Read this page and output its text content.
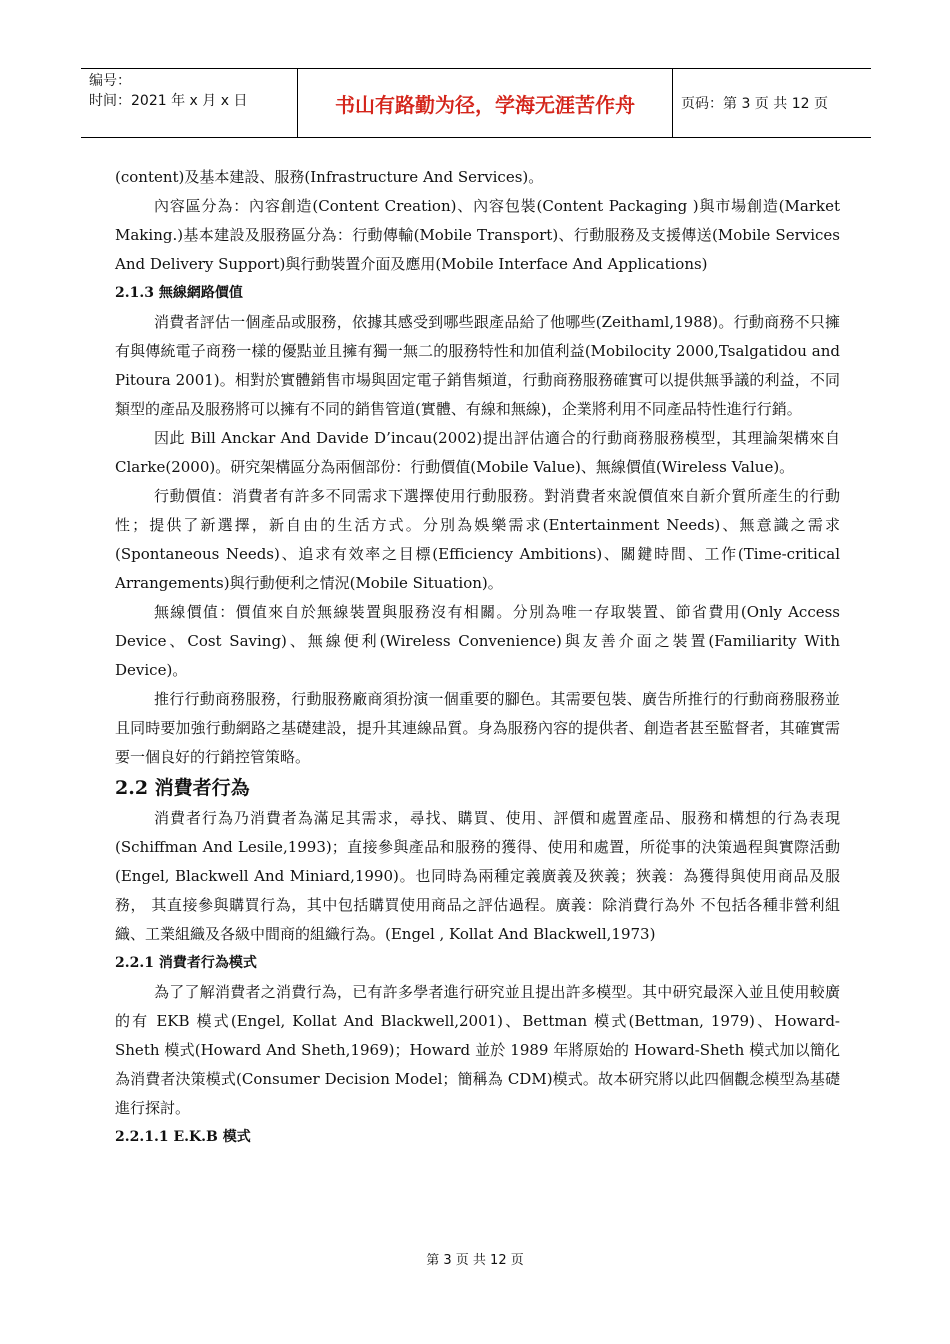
编号：
时间：2021 年 x 月 x 日	书山有路勤为径，学海无涯苦作舟	页码：第 3 页 共 12 页

(content)及基本建設、服務(Infrastructure And Services)。

內容區分為：內容創造(Content Creation)、內容包裝(Content Packaging )與市場創造(Market Making.)基本建設及服務區分為：行動傳輸(Mobile Transport)、行動服務及支援傳送(Mobile Services And Delivery Support)與行動裝置介面及應用(Mobile Interface And Applications)

2.1.3 無線網路價值

消費者評估一個產品或服務，依據其感受到哪些跟產品給了他哪些(Zeithaml,1988)。行動商務不只擁有與傳統電子商務一樣的優點並且擁有獨一無二的服務特性和加值利益(Mobilocity 2000,Tsalgatidou and Pitoura 2001)。相對於實體銷售市場與固定電子銷售頻道，行動商務服務確實可以提供無爭議的利益，不同類型的產品及服務將可以擁有不同的銷售管道(實體、有線和無線)，企業將利用不同產品特性進行行銷。

因此 Bill Anckar And Davide D’incau(2002)提出評估適合的行動商務服務模型，其理論架構來自 Clarke(2000)。研究架構區分為兩個部份：行動價值(Mobile Value)、無線價值(Wireless Value)。

行動價值：消費者有許多不同需求下選擇使用行動服務。對消費者來說價值來自新介質所產生的行動性；提供了新選擇，新自由的生活方式。分別為娛樂需求(Entertainment Needs)、無意識之需求(Spontaneous Needs)、追求有效率之目標(Efficiency Ambitions)、關鍵時間、工作(Time-critical Arrangements)與行動便利之情況(Mobile Situation)。

無線價值：價值來自於無線裝置與服務沒有相關。分別為唯一存取裝置、節省費用(Only Access Device、Cost Saving)、無線便利(Wireless Convenience)與友善介面之裝置(Familiarity With Device)。

推行行動商務服務，行動服務廠商須扮演一個重要的腳色。其需要包裝、廣告所推行的行動商務服務並且同時要加強行動網路之基礎建設，提升其連線品質。身為服務內容的提供者、創造者甚至監督者，其確實需要一個良好的行銷控管策略。

2.2 消費者行為

消費者行為乃消費者為滿足其需求，尋找、購買、使用、評價和處置產品、服務和構想的行為表現(Schiffman And Lesile,1993)；直接參與產品和服務的獲得、使用和處置，所從事的決策過程與實際活動(Engel, Blackwell And Miniard,1990)。也同時為兩種定義廣義及狹義；狹義：為獲得與使用商品及服務， 其直接參與購買行為，其中包括購買使用商品之評估過程。廣義：除消費行為外 不包括各種非營利組織、工業組織及各級中間商的組織行為。(Engel , Kollat And Blackwell,1973)

2.2.1 消費者行為模式

為了了解消費者之消費行為，已有許多學者進行研究並且提出許多模型。其中研究最深入並且使用較廣的有 EKB 模式(Engel, Kollat And Blackwell,2001)、Bettman 模式(Bettman, 1979)、Howard-Sheth 模式(Howard And Sheth,1969)；Howard 並於 1989 年將原始的 Howard-Sheth 模式加以簡化為消費者決策模式(Consumer Decision Model；簡稱為 CDM)模式。故本研究將以此四個觀念模型為基礎進行探討。

2.2.1.1 E.K.B 模式
第 3 页 共 12 页
